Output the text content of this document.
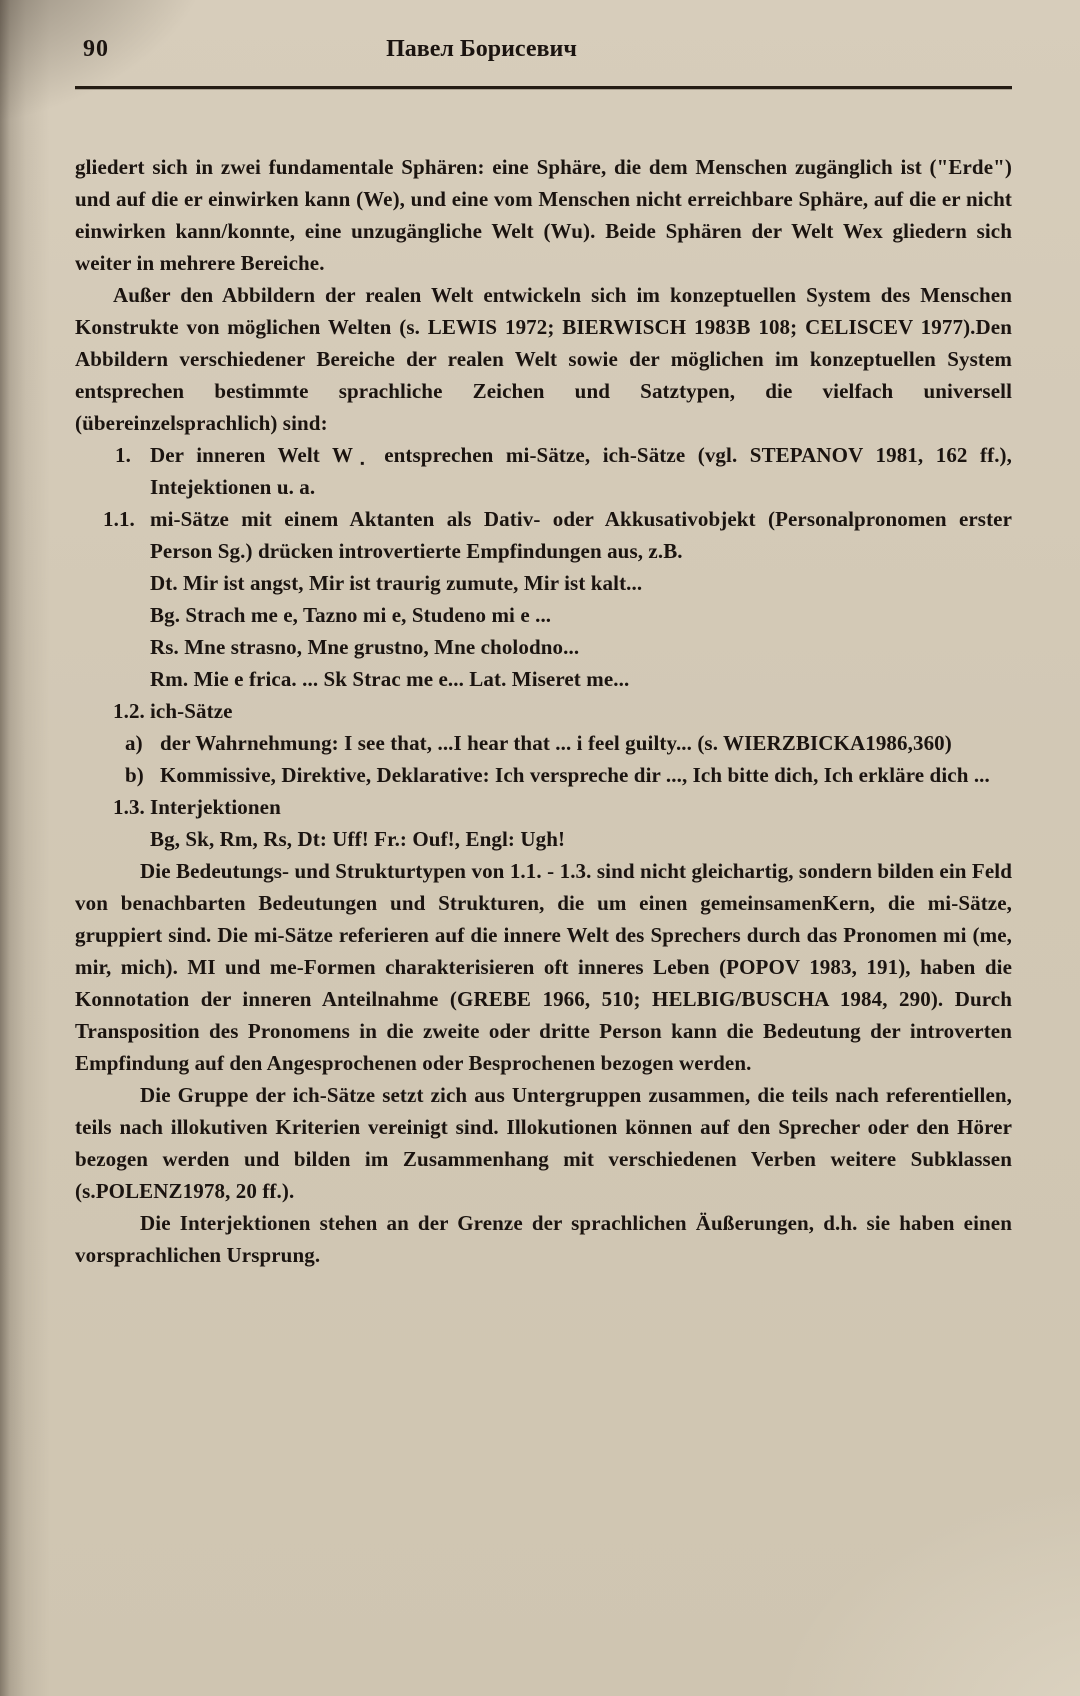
90	Павел Борисевич

gliedert sich in zwei fundamentale Sphären: eine Sphäre, die dem Menschen zugänglich ist ("Erde") und auf die er einwirken kann (We), und eine vom Menschen nicht erreichbare Sphäre, auf die er nicht einwirken kann/konnte, eine unzugängliche Welt (Wu). Beide Sphären der Welt Wex gliedern sich weiter in mehrere Bereiche.

Außer den Abbildern der realen Welt entwickeln sich im konzeptuellen System des Menschen Konstrukte von möglichen Welten (s. LEWIS 1972; BIERWISCH 1983B 108; CELISCEV 1977).Den Abbildern verschiedener Bereiche der realen Welt sowie der möglichen im konzeptuellen System entsprechen bestimmte sprachliche Zeichen und Satztypen, die vielfach universell (übereinzelsprachlich) sind:

1. Der inneren Welt $W_▪$ entsprechen mi-Sätze, ich-Sätze (vgl. STEPANOV 1981, 162 ff.), Intejektionen u. a.
1.1. mi-Sätze mit einem Aktanten als Dativ- oder Akkusativobjekt (Personalpronomen erster Person Sg.) drücken introvertierte Empfindungen aus, z.B.
Dt. Mir ist angst, Mir ist traurig zumute, Mir ist kalt...
Bg. Strach me e, Tazno mi e, Studeno mi e ...
Rs. Mne strasno, Mne grustno, Mne cholodno...
Rm. Mie e frica. ... Sk Strac me e... Lat. Miseret me...
1.2. ich-Sätze
a) der Wahrnehmung: I see that, ...I hear that ... i feel guilty... (s. WIERZBICKA1986,360)
b) Kommissive, Direktive, Deklarative: Ich verspreche dir ..., Ich bitte dich, Ich erkläre dich ...
1.3. Interjektionen
Bg, Sk, Rm, Rs, Dt: Uff! Fr.: Ouf!, Engl: Ugh!

Die Bedeutungs- und Strukturtypen von 1.1. - 1.3. sind nicht gleichartig, sondern bilden ein Feld von benachbarten Bedeutungen und Strukturen, die um einen gemeinsamenKern, die mi-Sätze, gruppiert sind. Die mi-Sätze referieren auf die innere Welt des Sprechers durch das Pronomen mi (me, mir, mich). MI und me-Formen charakterisieren oft inneres Leben (POPOV 1983, 191), haben die Konnotation der inneren Anteilnahme (GREBE 1966, 510; HELBIG/BUSCHA 1984, 290). Durch Transposition des Pronomens in die zweite oder dritte Person kann die Bedeutung der introverten Empfindung auf den Angesprochenen oder Besprochenen bezogen werden.

Die Gruppe der ich-Sätze setzt zich aus Untergruppen zusammen, die teils nach referentiellen, teils nach illokutiven Kriterien vereinigt sind. Illokutionen können auf den Sprecher oder den Hörer bezogen werden und bilden im Zusammenhang mit verschiedenen Verben weitere Subklassen (s.POLENZ1978, 20 ff.).

Die Interjektionen stehen an der Grenze der sprachlichen Äußerungen, d.h. sie haben einen vorsprachlichen Ursprung.
